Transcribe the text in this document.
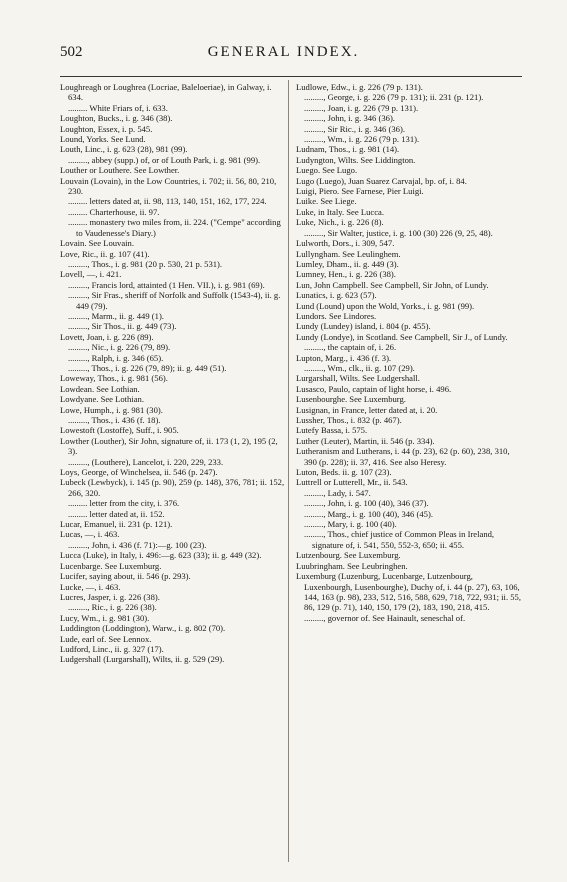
502	GENERAL INDEX.
Loughreagh or Loughrea (Locriae, Baleloeriae), in Galway, i. 634.
......... White Friars of, i. 633.
Loughton, Bucks., i. g. 346 (38).
Loughton, Essex, i. p. 545.
Lound, Yorks. See Lund.
Louth, Linc., i. g. 623 (28), 981 (99).
........., abbey (supp.) of, or of Louth Park, i. g. 981 (99).
Louther or Louthere. See Lowther.
Louvain (Lovain), in the Low Countries, i. 702; ii. 56, 80, 210, 230.
......... letters dated at, ii. 98, 113, 140, 151, 162, 177, 224.
......... Charterhouse, ii. 97.
......... monastery two miles from, ii. 224. ("Cempe" according to Vaudenesse's Diary.)
Lovain. See Louvain.
Love, Ric., ii. g. 107 (41).
........., Thos., i. g. 981 (20 p. 530, 21 p. 531).
Lovell, —, i. 421.
........., Francis lord, attainted (1 Hen. VII.), i. g. 981 (69).
........., Sir Fras., sheriff of Norfolk and Suffolk (1543-4), ii. g. 449 (79).
........., Marm., ii. g. 449 (1).
........., Sir Thos., ii. g. 449 (73).
Lovett, Joan, i. g. 226 (89).
........., Nic., i. g. 226 (79, 89).
........., Ralph, i. g. 346 (65).
........., Thos., i. g. 226 (79, 89); ii. g. 449 (51).
Loweway, Thos., i. g. 981 (56).
Lowdean. See Lothian.
Lowdyane. See Lothian.
Lowe, Humph., i. g. 981 (30).
........., Thos., i. 436 (f. 18).
Lowestoft (Lostoffe), Suff., i. 905.
Lowther (Louther), Sir John, signature of, ii. 173 (1, 2), 195 (2, 3).
........., (Louthere), Lancelot, i. 220, 229, 233.
Loys, George, of Winchelsea, ii. 546 (p. 247).
Lubeck (Lewbyck), i. 145 (p. 90), 259 (p. 148), 376, 781; ii. 152, 266, 320.
......... letter from the city, i. 376.
......... letter dated at, ii. 152.
Lucar, Emanuel, ii. 231 (p. 121).
Lucas, —, i. 463.
........., John, i. 436 (f. 71):—g. 100 (23).
Lucca (Luke), in Italy, i. 496:—g. 623 (33); ii. g. 449 (32).
Lucenbarge. See Luxemburg.
Lucifer, saying about, ii. 546 (p. 293).
Lucke, —, i. 463.
Lucres, Jasper, i. g. 226 (38).
........., Ric., i. g. 226 (38).
Lucy, Wm., i. g. 981 (30).
Luddington (Loddington), Warw., i. g. 802 (70).
Lude, earl of. See Lennox.
Ludford, Linc., ii. g. 327 (17).
Ludgershall (Lurgarshall), Wilts, ii. g. 529 (29).
Ludlowe, Edw., i. g. 226 (79 p. 131).
........., George, i. g. 226 (79 p. 131); ii. 231 (p. 121).
........., Joan, i. g. 226 (79 p. 131).
........., John, i. g. 346 (36).
........., Sir Ric., i. g. 346 (36).
........., Wm., i. g. 226 (79 p. 131).
Ludnam, Thos., i. g. 981 (14).
Ludyngton, Wilts. See Liddington.
Luego. See Lugo.
Lugo (Luego), Juan Suarez Carvajal, bp. of, i. 84.
Luigi, Piero. See Farnese, Pier Luigi.
Luike. See Liege.
Luke, in Italy. See Lucca.
Luke, Nich., i. g. 226 (8).
........., Sir Walter, justice, i. g. 100 (30) 226 (9, 25, 48).
Lulworth, Dors., i. 309, 547.
Lullyngham. See Leulinghem.
Lumley, Dham., ii. g. 449 (3).
Lumney, Hen., i. g. 226 (38).
Lun, John Campbell. See Campbell, Sir John, of Lundy.
Lunatics, i. g. 623 (57).
Lund (Lound) upon the Wold, Yorks., i. g. 981 (99).
Lundors. See Lindores.
Lundy (Lundey) island, i. 804 (p. 455).
Lundy (Londye), in Scotland. See Campbell, Sir J., of Lundy.
........., the captain of, i. 26.
Lupton, Marg., i. 436 (f. 3).
........., Wm., clk., ii. g. 107 (29).
Lurgarshall, Wilts. See Ludgershall.
Lusasco, Paulo, captain of light horse, i. 496.
Lusenbourghe. See Luxemburg.
Lusignan, in France, letter dated at, i. 20.
Lussher, Thos., i. 832 (p. 467).
Lutefy Bassa, i. 575.
Luther (Leuter), Martin, ii. 546 (p. 334).
Lutheranism and Lutherans, i. 44 (p. 23), 62 (p. 60), 238, 310, 390 (p. 228); ii. 37, 416. See also Heresy.
Luton, Beds. ii. g. 107 (23).
Luttrell or Lutterell, Mr., ii. 543.
........., Lady, i. 547.
........., John, i. g. 100 (40), 346 (37).
........., Marg., i. g. 100 (40), 346 (45).
........., Mary, i. g. 100 (40).
........., Thos., chief justice of Common Pleas in Ireland, signature of, i. 541, 550, 552-3, 650; ii. 455.
Lutzenbourg. See Luxemburg.
Luubringham. See Leubringhen.
Luxemburg (Luzenburg, Lucenbarge, Lutzenbourg, Luxenbourgh, Lusenbourghe), Duchy of, i. 44 (p. 27), 63, 106, 144, 163 (p. 98), 233, 512, 516, 588, 629, 718, 722, 931; ii. 55, 86, 129 (p. 71), 140, 150, 179 (2), 183, 190, 218, 415.
........., governor of. See Hainault, seneschal of.
